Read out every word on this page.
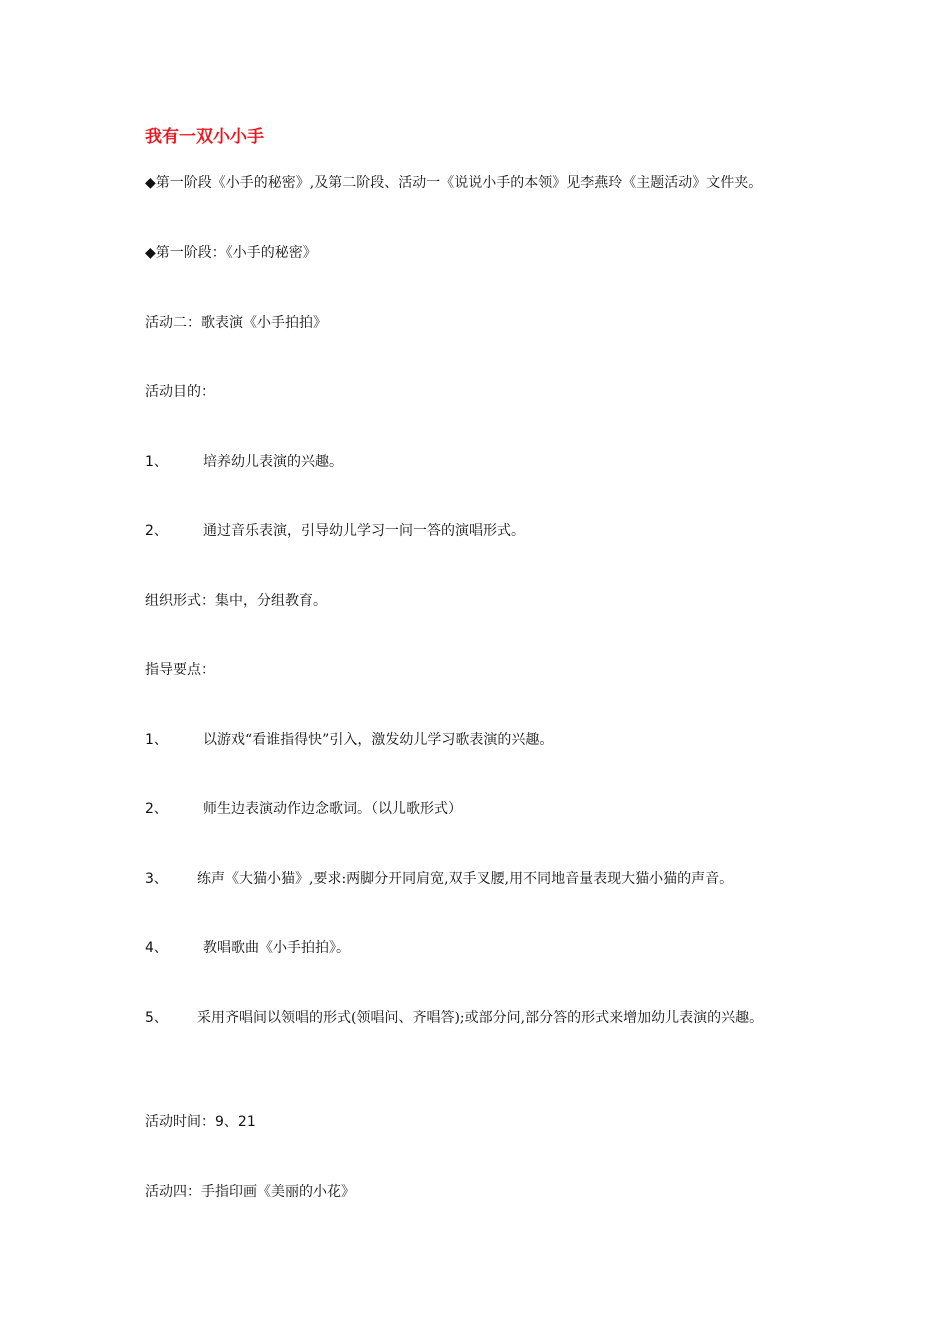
我有一双小小手
◆第一阶段《小手的秘密》,及第二阶段、活动一《说说小手的本领》见李燕玲《主题活动》文件夹。
◆第一阶段：《小手的秘密》
活动二：歌表演《小手拍拍》
活动目的：
1、	培养幼儿表演的兴趣。
2、	通过音乐表演，引导幼儿学习一问一答的演唱形式。
组织形式：集中，分组教育。
指导要点：
1、	以游戏“看谁指得快”引入，激发幼儿学习歌表演的兴趣。
2、	师生边表演动作边念歌词。（以儿歌形式）
3、 练声《大猫小猫》,要求:两脚分开同肩宽,双手叉腰,用不同地音量表现大猫小猫的声音。
4、	教唱歌曲《小手拍拍》。
5、 采用齐唱间以领唱的形式(领唱问、齐唱答);或部分问,部分答的形式来增加幼儿表演的兴趣。
活动时间：9、21
活动四：手指印画《美丽的小花》
